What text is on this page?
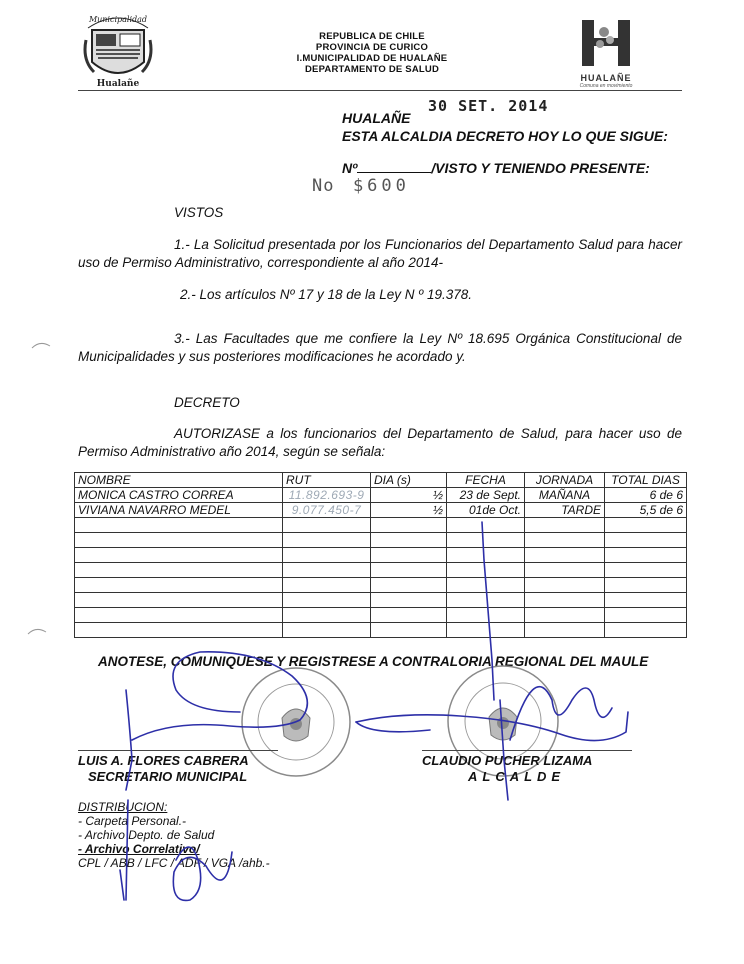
Municipalidad
Hualañe
REPUBLICA DE CHILE
PROVINCIA DE CURICO
I.MUNICIPALIDAD DE HUALAÑE
DEPARTAMENTO DE SALUD
HUALAÑE
Comuna en movimiento
HUALAÑE
30 SET. 2014
ESTA ALCALDIA DECRETO HOY LO QUE SIGUE:
Nº	/VISTO Y TENIENDO PRESENTE:
No $600
VISTOS
1.- La Solicitud presentada por los Funcionarios del Departamento Salud para hacer uso de Permiso Administrativo, correspondiente al año 2014-
2.- Los artículos Nº 17 y 18 de la Ley N º 19.378.
3.- Las Facultades que me confiere la Ley Nº 18.695 Orgánica Constitucional de Municipalidades y sus posteriores modificaciones he acordado y.
DECRETO
AUTORIZASE a los funcionarios del Departamento de Salud, para hacer uso de Permiso Administrativo año 2014, según se señala:
NOMBRE	RUT	DIA (s)	FECHA	JORNADA	TOTAL DIAS
MONICA CASTRO CORREA	11.892.693-9	½	23 de Sept.	MAÑANA	6 de 6
VIVIANA NAVARRO MEDEL	9.077.450-7	½	01de Oct.	TARDE	5,5 de 6

ANOTESE, COMUNIQUESE Y REGISTRESE A CONTRALORIA REGIONAL DEL MAULE
LUIS A. FLORES CABRERA
SECRETARIO MUNICIPAL
CLAUDIO PUCHER LIZAMA
ALCALDE
DISTRIBUCION:
- Carpeta Personal.-
- Archivo Depto. de Salud
- Archivo Correlativo/
CPL / ABB / LFC / ADF / VGA /ahb.-
